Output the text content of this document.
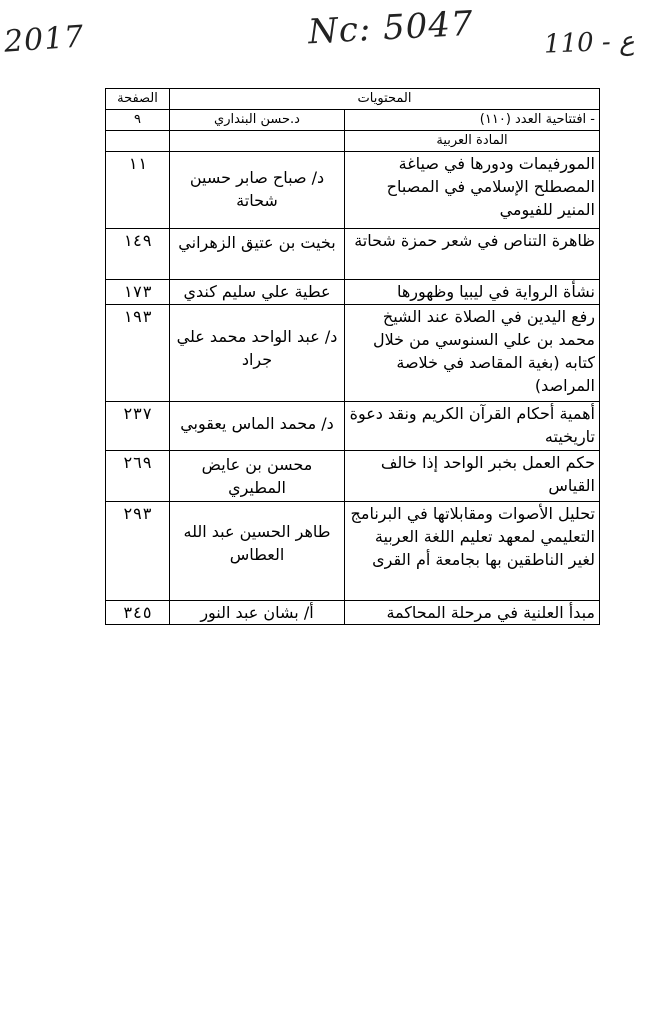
2017	Nc: 5047	110 - ع
المحتويات		الصفحة
- افتتاحية العدد (١١٠)	د.حسن البنداري	٩
المادة العربية		
المورفيمات ودورها في صياغة المصطلح الإسلامي في المصباح المنير للفيومي	د/ صباح صابر حسين شحاتة	١١
ظاهرة التناص في شعر حمزة شحاتة	بخيت بن عتيق الزهراني	١٤٩
نشأة الرواية في ليبيا وظهورها	عطية علي سليم كندي	١٧٣
رفع اليدين في الصلاة عند الشيخ محمد بن علي السنوسي من خلال كتابه (بغية المقاصد في خلاصة المراصد)	د/ عبد الواحد محمد علي جراد	١٩٣
أهمية أحكام القرآن الكريم ونقد دعوة تاريخيته	د/ محمد الماس يعقوبي	٢٣٧
حكم العمل بخبر الواحد إذا خالف القياس	محسن بن عايض المطيري	٢٦٩
تحليل الأصوات ومقابلاتها في البرنامج التعليمي لمعهد تعليم اللغة العربية لغير الناطقين بها بجامعة أم القرى	طاهر الحسين عبد الله العطاس	٢٩٣
مبدأ العلنية في مرحلة المحاكمة	أ/ بشان عبد النور	٣٤٥
